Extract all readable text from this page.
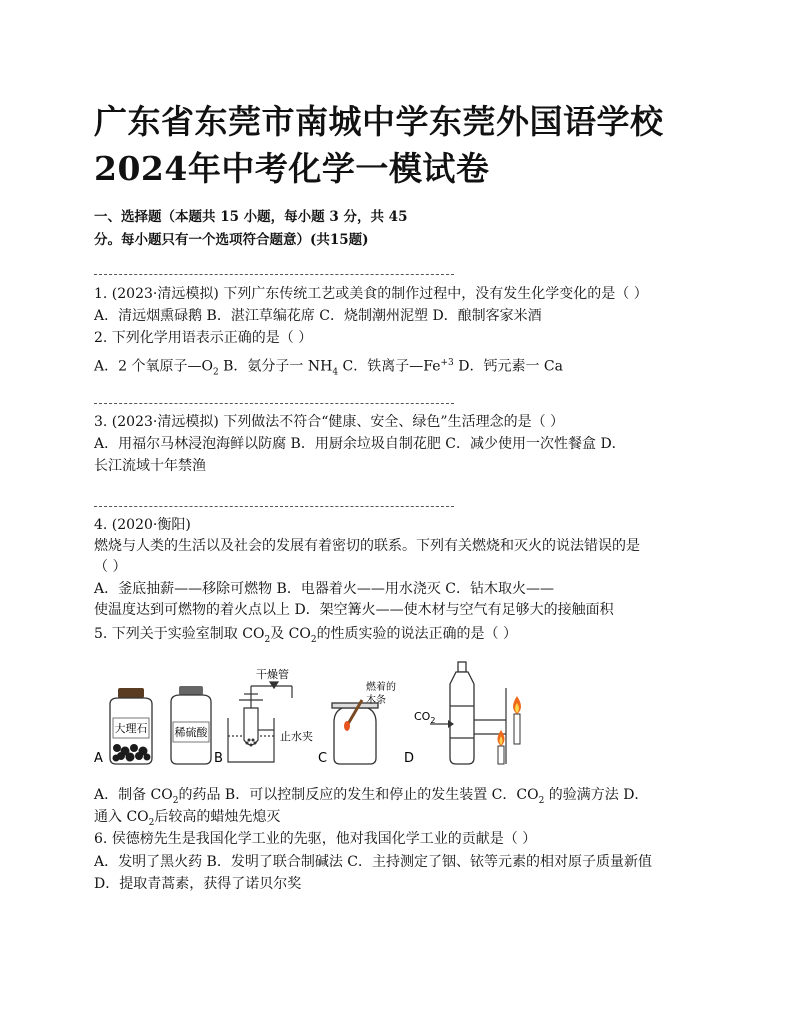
广东省东莞市南城中学东莞外国语学校
2024年中考化学一模试卷
一、选择题（本题共 15 小题，每小题 3 分，共 45
分。每小题只有一个选项符合题意）(共15题)
1. (2023·清远模拟) 下列广东传统工艺或美食的制作过程中，没有发生化学变化的是（ ）
A．清远烟熏碌鹅 B．湛江草编花席 C．烧制潮州泥塑 D．酿制客家米酒
2. 下列化学用语表示正确的是（ ）
A．2 个氧原子$—O_2$ B．氨分子一 $NH_4$ C．铁离子$—Fe^{+3}$ D．钙元素一 Ca
3. (2023·清远模拟) 下列做法不符合“健康、安全、绿色”生活理念的是（ ）
A．用福尔马林浸泡海鲜以防腐 B．用厨余垃圾自制花肥 C．减少使用一次性餐盒 D．
长江流域十年禁渔
4. (2020·衡阳)
燃烧与人类的生活以及社会的发展有着密切的联系。下列有关燃烧和灭火的说法错误的是
（ ）
A．釜底抽薪——移除可燃物 B．电器着火——用水浇灭 C．钻木取火——
使温度达到可燃物的着火点以上 D．架空篝火——使木材与空气有足够大的接触面积
5. 下列关于实验室制取 $CO_2$及 $CO_2$的性质实验的说法正确的是（ ）
大理石
A
稀硫酸
B
干燥管
止水夹
C
燃着的
木条
D
$CO_2$
A．制备 $CO_2$的药品 B．可以控制反应的发生和停止的发生装置 C．$CO_2$ 的验满方法 D．
通入 $CO_2$后较高的蜡烛先熄灭
6. 侯德榜先生是我国化学工业的先驱，他对我国化学工业的贡献是（ ）
A．发明了黑火药 B．发明了联合制碱法 C．主持测定了铟、铱等元素的相对原子质量新值
D．提取青蒿素，获得了诺贝尔奖
